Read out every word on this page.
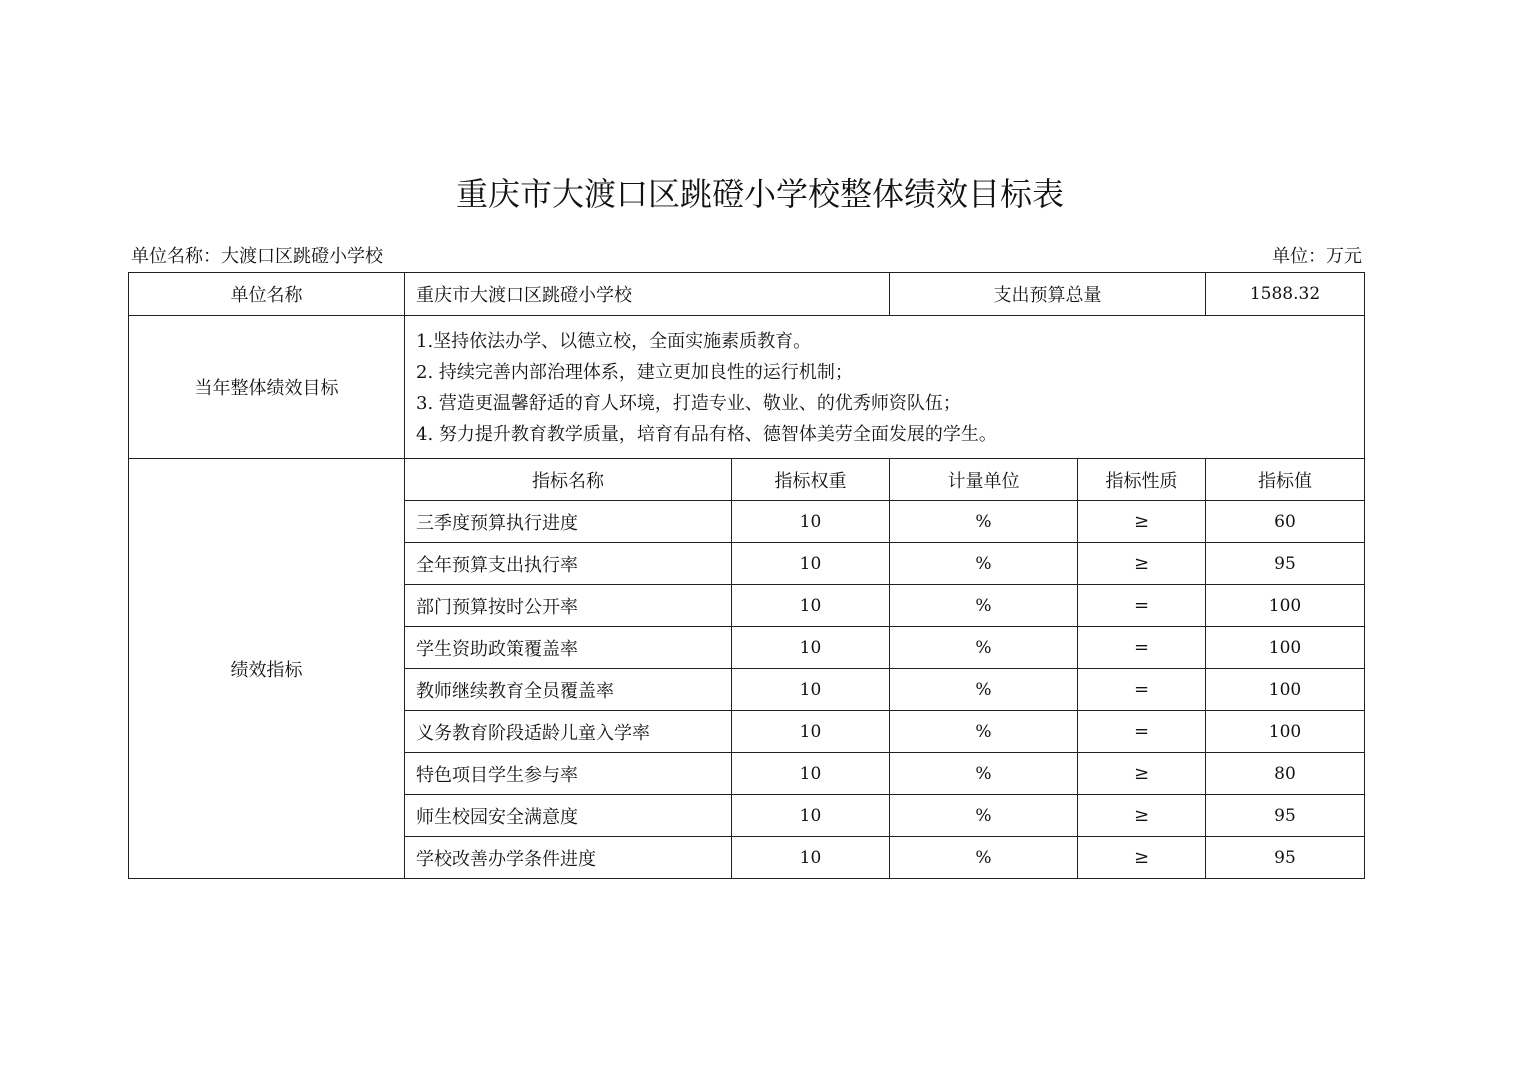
重庆市大渡口区跳磴小学校整体绩效目标表
单位名称：大渡口区跳磴小学校	单位：万元
单位名称	重庆市大渡口区跳磴小学校		支出预算总量		1588.32
当年整体绩效目标	1.坚持依法办学、以德立校，全面实施素质教育。
2. 持续完善内部治理体系，建立更加良性的运行机制；
3. 营造更温馨舒适的育人环境，打造专业、敬业、的优秀师资队伍；
4. 努力提升教育教学质量，培育有品有格、德智体美劳全面发展的学生。				

绩效指标	指标名称	指标权重	计量单位	指标性质	指标值
	三季度预算执行进度	10	%	≥	60
	全年预算支出执行率	10	%	≥	95
	部门预算按时公开率	10	%	=	100
	学生资助政策覆盖率	10	%	=	100
	教师继续教育全员覆盖率	10	%	=	100
	义务教育阶段适龄儿童入学率	10	%	=	100
	特色项目学生参与率	10	%	≥	80
	师生校园安全满意度	10	%	≥	95
	学校改善办学条件进度	10	%	≥	95
